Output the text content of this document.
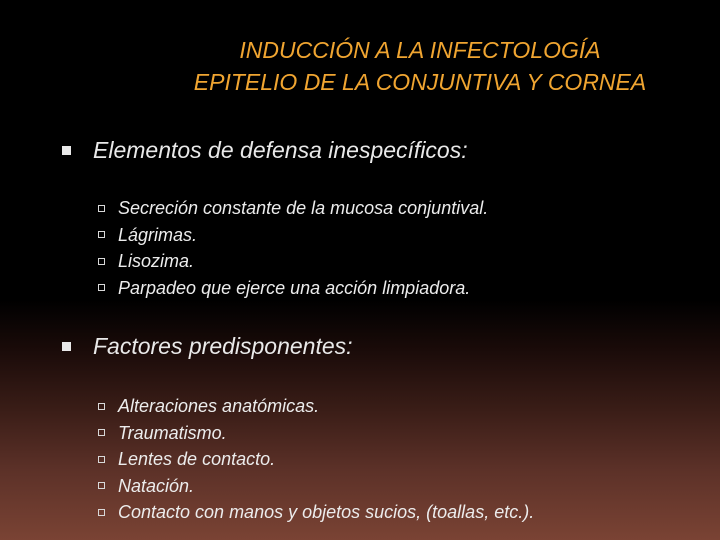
INDUCCIÓN A LA INFECTOLOGÍA
EPITELIO DE LA CONJUNTIVA Y CORNEA
Elementos de defensa inespecíficos:
Secreción constante de la mucosa conjuntival.
Lágrimas.
Lisozima.
Parpadeo que ejerce una acción limpiadora.
Factores predisponentes:
Alteraciones anatómicas.
Traumatismo.
Lentes de contacto.
Natación.
Contacto con manos y objetos sucios, (toallas, etc.).
